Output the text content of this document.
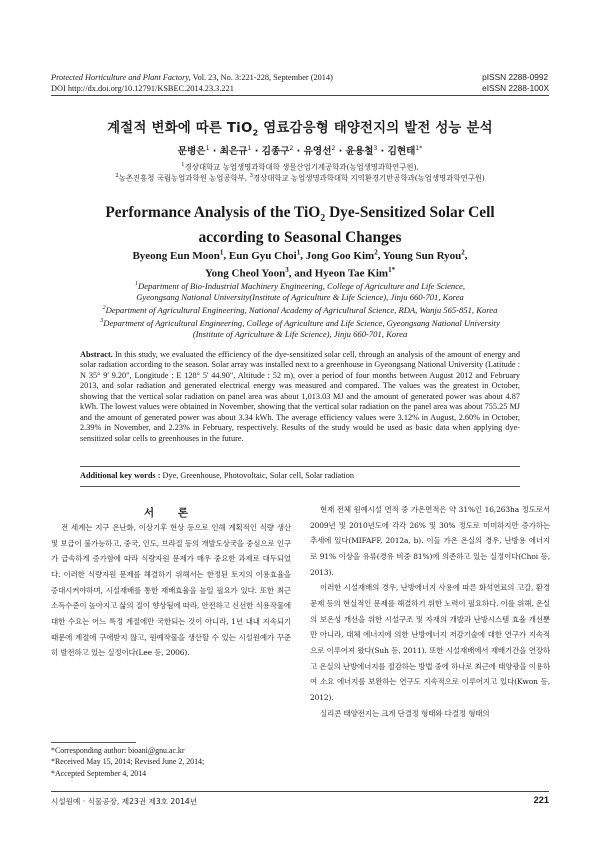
Protected Horticulture and Plant Factory, Vol. 23, No. 3:221-228, September (2014)
DOI http://dx.doi.org/10.12791/KSBEC.2014.23.3.221
pISSN 2288-0992
eISSN 2288-100X
계절적 변화에 따른 TiO$_2$ 염료감응형 태양전지의 발전 성능 분석
문병은$^1$ · 최은규$^1$ · 김종구$^2$ · 유영선$^2$ · 윤용철$^3$ · 김현태$^{1*}$
$^1$경상대학교 농업생명과학대학 생물산업기계공학과(농업생명과학연구원),
$^2$농촌진흥청 국립농업과학원 농업공학부, $^3$경상대학교 농업생명과학대학 지역환경기반공학과(농업생명과학연구원)
Performance Analysis of the TiO$_2$ Dye-Sensitized Solar Cell
according to Seasonal Changes
Byeong Eun Moon$^1$, Eun Gyu Choi$^1$, Jong Goo Kim$^2$, Young Sun Ryou$^2$,
Yong Cheol Yoon$^3$, and Hyeon Tae Kim$^{1*}$
$^1$Department of Bio-Industrial Machinery Engineering, College of Agriculture and Life Science,
Gyeongsang National University(Institute of Agriculture & Life Science), Jinju 660-701, Korea
$^2$Department of Agricultural Engineering, National Academy of Agricultural Science, RDA, Wanju 565-851, Korea
$^3$Department of Agricultural Engineering, College of Agriculture and Life Science, Gyeongsang National University
(Institute of Agriculture & Life Science), Jinju 660-701, Korea
Abstract. In this study, we evaluated the efficiency of the dye-sensitized solar cell, through an analysis of the amount of energy and solar radiation according to the season. Solar array was installed next to a greenhouse in Gyeongsang National University (Latitude : N 35° 9' 9.20", Longitude : E 128° 5' 44.90", Altitude : 52 m), over a period of four months between August 2012 and February 2013, and solar radiation and generated electrical energy was measured and compared. The values was the greatest in October, showing that the vertical solar radiation on panel area was about 1,013.03 MJ and the amount of generated power was about 4.87 kWh. The lowest values were obtained in November, showing that the vertical solar radiation on the panel area was about 755.25 MJ and the amount of generated power was about 3.34 kWh. The average efficiency values were 3.12% in August, 2.60% in October, 2.39% in November, and 2.23% in February, respectively. Results of the study would be used as basic data when applying dye-sensitized solar cells to greenhouses in the future.
Additional key words : Dye, Greenhouse, Photovoltaic, Solar cell, Solar radiation
서 론

전 세계는 지구 온난화, 이상기후 현상 등으로 인해 계획적인 식량 생산 및 보급이 불가능하고, 중국, 인도, 브라질 등의 개발도상국을 중심으로 인구가 급속하게 증가함에 따라 식량자원 문제가 매우 중요한 과제로 대두되었다. 이러한 식량자원 문제를 해결하기 위해서는 한정된 토지의 이용효율을 증대시켜야하며, 시설재배를 통한 재배효율을 높일 필요가 있다. 또한 최근 소득수준이 높아지고 삶의 질이 향상됨에 따라, 안전하고 신선한 식용작물에 대한 수요는 어느 특정 계절에만 국한되는 것이 아니라, 1년 내내 지속되기 때문에 계절에 구애받지 않고, 원예작물을 생산할 수 있는 시설원예가 꾸준히 발전하고 있는 실정이다(Lee 등, 2006).

현재 전체 원예시설 면적 중 가온면적은 약 31%인 16,263ha 정도로서 2009년 및 2010년도에 각각 26% 및 30% 정도로 미미하지만 증가하는 추세에 있다(MIFAFF, 2012a, b). 이들 가온 온실의 경우, 난방용 에너지로 91% 이상을 유류(경유 비중 81%)에 의존하고 있는 실정이다(Choi 등, 2013).

이러한 시설재배의 경우, 난방에너지 사용에 따른 화석연료의 고갈, 환경문제 등의 현실적인 문제를 해결하기 위한 노력이 필요하다. 이를 위해, 온실의 보온성 개선을 위한 시설구조 및 자재의 개발과 난방시스템 효율 개선뿐만 아니라, 대체 에너지에 의한 난방에너지 저감기술에 대한 연구가 지속적으로 이루어져 왔다(Suh 등, 2011). 또한 시설재배에서 재배기간을 연장하고 온실의 난방에너지를 절감하는 방법 중에 하나로 최근에 태양광을 이용하여 소요 에너지를 보완하는 연구도 지속적으로 이루어지고 있다(Kwon 등, 2012).

실리콘 태양전지는 크게 단결정 형태와 다결정 형태의

*Corresponding author: bioani@gnu.ac.kr
*Received May 15, 2014; Revised June 2, 2014;
*Accepted September 4, 2014
시설원예 · 식물공장, 제23권 제3호 2014년	221
